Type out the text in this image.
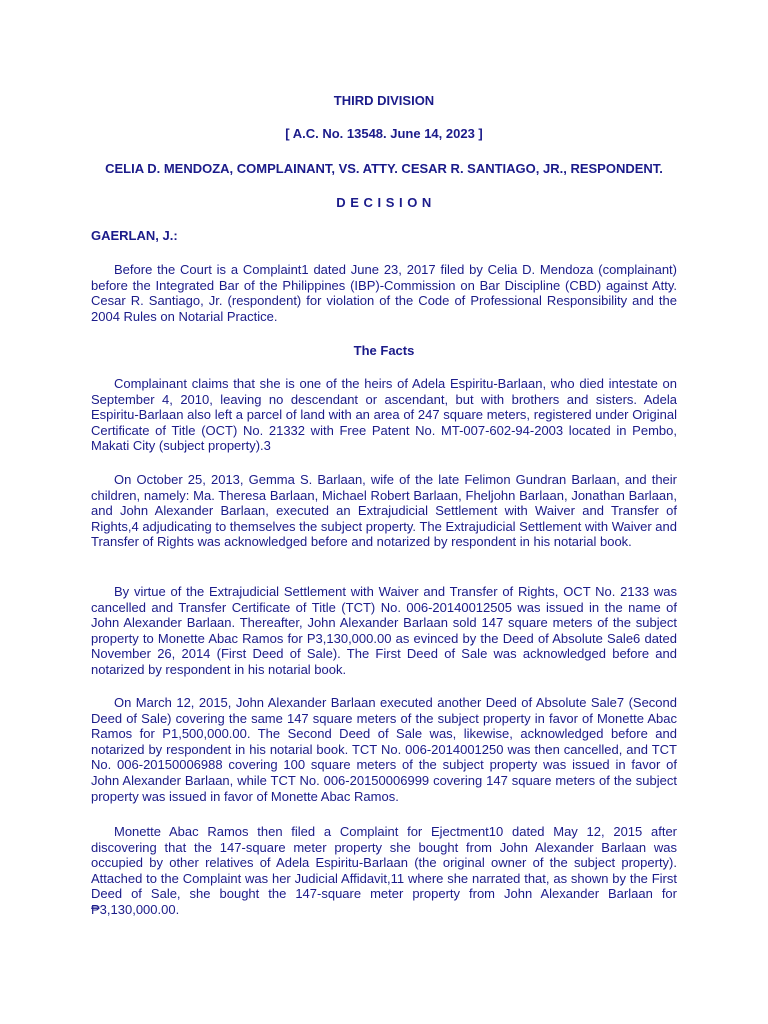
THIRD DIVISION

[ A.C. No. 13548. June 14, 2023 ]

CELIA D. MENDOZA, COMPLAINANT, VS. ATTY. CESAR R. SANTIAGO, JR., RESPONDENT.

D E C I S I O N

GAERLAN, J.:

Before the Court is a Complaint1 dated June 23, 2017 filed by Celia D. Mendoza (complainant) before the Integrated Bar of the Philippines (IBP)-Commission on Bar Discipline (CBD) against Atty. Cesar R. Santiago, Jr. (respondent) for violation of the Code of Professional Responsibility and the 2004 Rules on Notarial Practice.

The Facts

Complainant claims that she is one of the heirs of Adela Espiritu-Barlaan, who died intestate on September 4, 2010, leaving no descendant or ascendant, but with brothers and sisters. Adela Espiritu-Barlaan also left a parcel of land with an area of 247 square meters, registered under Original Certificate of Title (OCT) No. 21332 with Free Patent No. MT-007-602-94-2003 located in Pembo, Makati City (subject property).3

On October 25, 2013, Gemma S. Barlaan, wife of the late Felimon Gundran Barlaan, and their children, namely: Ma. Theresa Barlaan, Michael Robert Barlaan, Fheljohn Barlaan, Jonathan Barlaan, and John Alexander Barlaan, executed an Extrajudicial Settlement with Waiver and Transfer of Rights,4 adjudicating to themselves the subject property. The Extrajudicial Settlement with Waiver and Transfer of Rights was acknowledged before and notarized by respondent in his notarial book.

By virtue of the Extrajudicial Settlement with Waiver and Transfer of Rights, OCT No. 2133 was cancelled and Transfer Certificate of Title (TCT) No. 006-20140012505 was issued in the name of John Alexander Barlaan. Thereafter, John Alexander Barlaan sold 147 square meters of the subject property to Monette Abac Ramos for P3,130,000.00 as evinced by the Deed of Absolute Sale6 dated November 26, 2014 (First Deed of Sale). The First Deed of Sale was acknowledged before and notarized by respondent in his notarial book.

On March 12, 2015, John Alexander Barlaan executed another Deed of Absolute Sale7 (Second Deed of Sale) covering the same 147 square meters of the subject property in favor of Monette Abac Ramos for P1,500,000.00. The Second Deed of Sale was, likewise, acknowledged before and notarized by respondent in his notarial book. TCT No. 006-2014001250 was then cancelled, and TCT No. 006-20150006988 covering 100 square meters of the subject property was issued in favor of John Alexander Barlaan, while TCT No. 006-20150006999 covering 147 square meters of the subject property was issued in favor of Monette Abac Ramos.

Monette Abac Ramos then filed a Complaint for Ejectment10 dated May 12, 2015 after discovering that the 147-square meter property she bought from John Alexander Barlaan was occupied by other relatives of Adela Espiritu-Barlaan (the original owner of the subject property). Attached to the Complaint was her Judicial Affidavit,11 where she narrated that, as shown by the First Deed of Sale, she bought the 147-square meter property from John Alexander Barlaan for ₱3,130,000.00.
